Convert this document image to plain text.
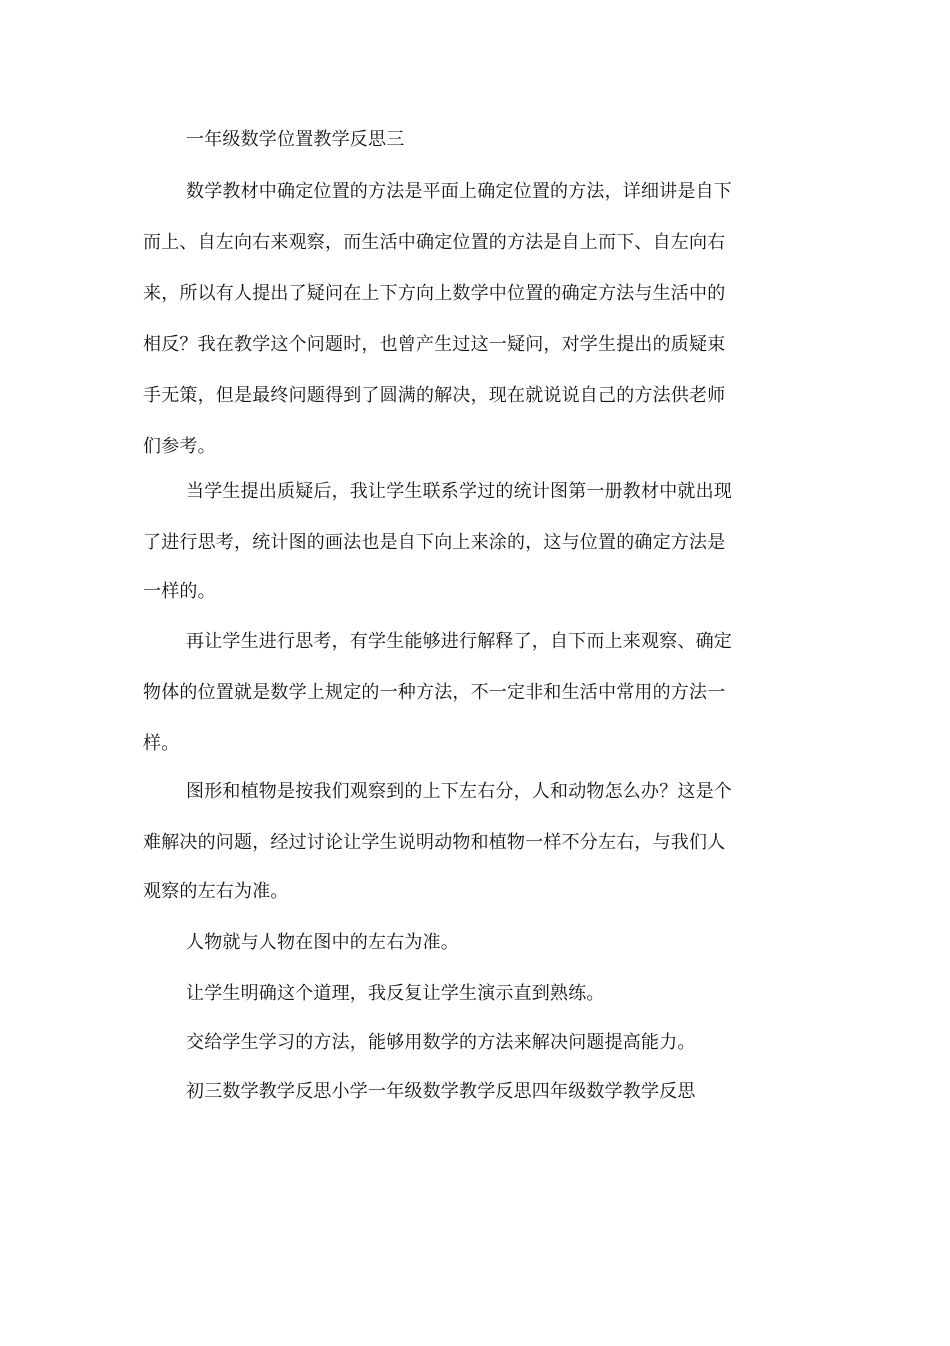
一年级数学位置教学反思三
数学教材中确定位置的方法是平面上确定位置的方法，详细讲是自下
而上、自左向右来观察，而生活中确定位置的方法是自上而下、自左向右
来，所以有人提出了疑问在上下方向上数学中位置的确定方法与生活中的
相反？我在教学这个问题时，也曾产生过这一疑问，对学生提出的质疑束
手无策，但是最终问题得到了圆满的解决，现在就说说自己的方法供老师
们参考。
当学生提出质疑后，我让学生联系学过的统计图第一册教材中就出现
了进行思考，统计图的画法也是自下向上来涂的，这与位置的确定方法是
一样的。
再让学生进行思考，有学生能够进行解释了，自下而上来观察、确定
物体的位置就是数学上规定的一种方法，不一定非和生活中常用的方法一
样。
图形和植物是按我们观察到的上下左右分，人和动物怎么办？这是个
难解决的问题，经过讨论让学生说明动物和植物一样不分左右，与我们人
观察的左右为准。
人物就与人物在图中的左右为准。
让学生明确这个道理，我反复让学生演示直到熟练。
交给学生学习的方法，能够用数学的方法来解决问题提高能力。
初三数学教学反思小学一年级数学教学反思四年级数学教学反思
